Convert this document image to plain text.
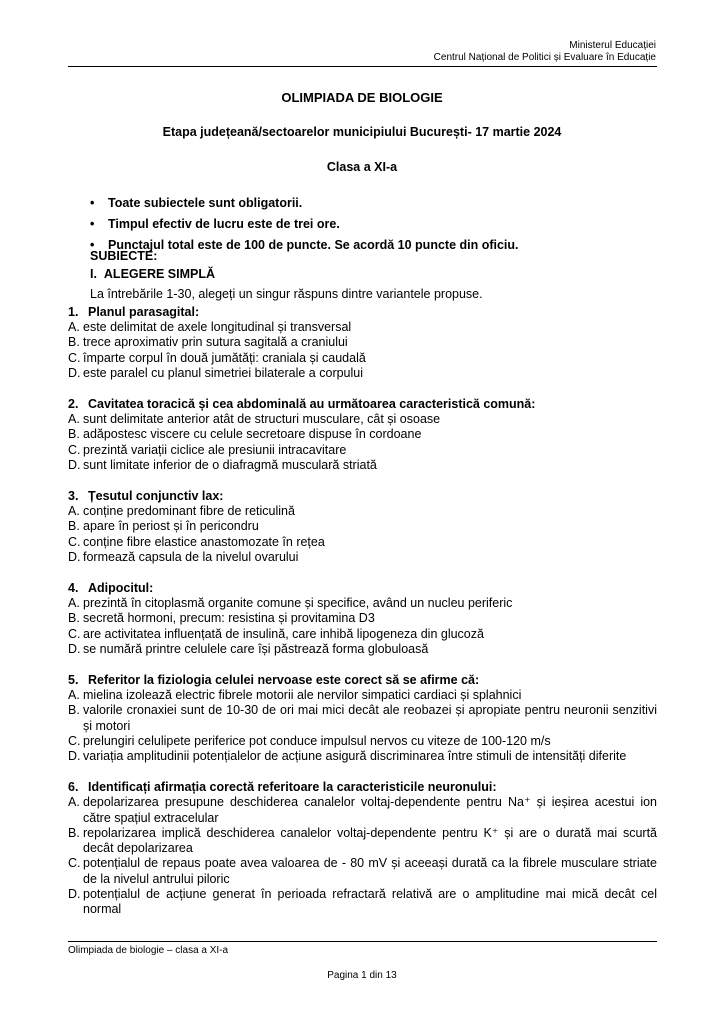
Ministerul Educației
Centrul Național de Politici și Evaluare în Educație
OLIMPIADA DE BIOLOGIE
Etapa județeană/sectoarelor municipiului București- 17 martie 2024
Clasa a XI-a
• Toate subiectele sunt obligatorii.
• Timpul efectiv de lucru este de trei ore.
• Punctajul total este de 100 de puncte. Se acordă 10 puncte din oficiu.
SUBIECTE:
I. ALEGERE SIMPLĂ
La întrebările 1-30, alegeți un singur răspuns dintre variantele propuse.
1. Planul parasagital:
A. este delimitat de axele longitudinal și transversal
B. trece aproximativ prin sutura sagitală a craniului
C. împarte corpul în două jumătăți: craniala și caudală
D. este paralel cu planul simetriei bilaterale a corpului
2. Cavitatea toracică și cea abdominală au următoarea caracteristică comună:
A. sunt delimitate anterior atât de structuri musculare, cât și osoase
B. adăpostesc viscere cu celule secretoare dispuse în cordoane
C. prezintă variații ciclice ale presiunii intracavitare
D. sunt limitate inferior de o diafragmă musculară striată
3. Țesutul conjunctiv lax:
A. conține predominant fibre de reticulină
B. apare în periost și în pericondru
C. conține fibre elastice anastomozate în rețea
D. formează capsula de la nivelul ovarului
4. Adipocitul:
A. prezintă în citoplasmă organite comune și specifice, având un nucleu periferic
B. secretă hormoni, precum: resistina și provitamina D3
C. are activitatea influențată de insulină, care inhibă lipogeneza din glucoză
D. se numără printre celulele care își păstrează forma globuloasă
5. Referitor la fiziologia celulei nervoase este corect să se afirme că:
A. mielina izolează electric fibrele motorii ale nervilor simpatici cardiaci și splahnici
B. valorile cronaxiei sunt de 10-30 de ori mai mici decât ale reobazei și apropiate pentru neuronii senzitivi și motori
C. prelungiri celulipete periferice pot conduce impulsul nervos cu viteze de 100-120 m/s
D. variația amplitudinii potențialelor de acțiune asigură discriminarea între stimuli de intensități diferite
6. Identificați afirmația corectă referitoare la caracteristicile neuronului:
A. depolarizarea presupune deschiderea canalelor voltaj-dependente pentru Na⁺ și ieșirea acestui ion către spațiul extracelular
B. repolarizarea implică deschiderea canalelor voltaj-dependente pentru K⁺ și are o durată mai scurtă decât depolarizarea
C. potențialul de repaus poate avea valoarea de - 80 mV și aceeași durată ca la fibrele musculare striate de la nivelul antrului piloric
D. potențialul de acțiune generat în perioada refractară relativă are o amplitudine mai mică decât cel normal
Olimpiada de biologie – clasa a XI-a
Pagina 1 din 13
